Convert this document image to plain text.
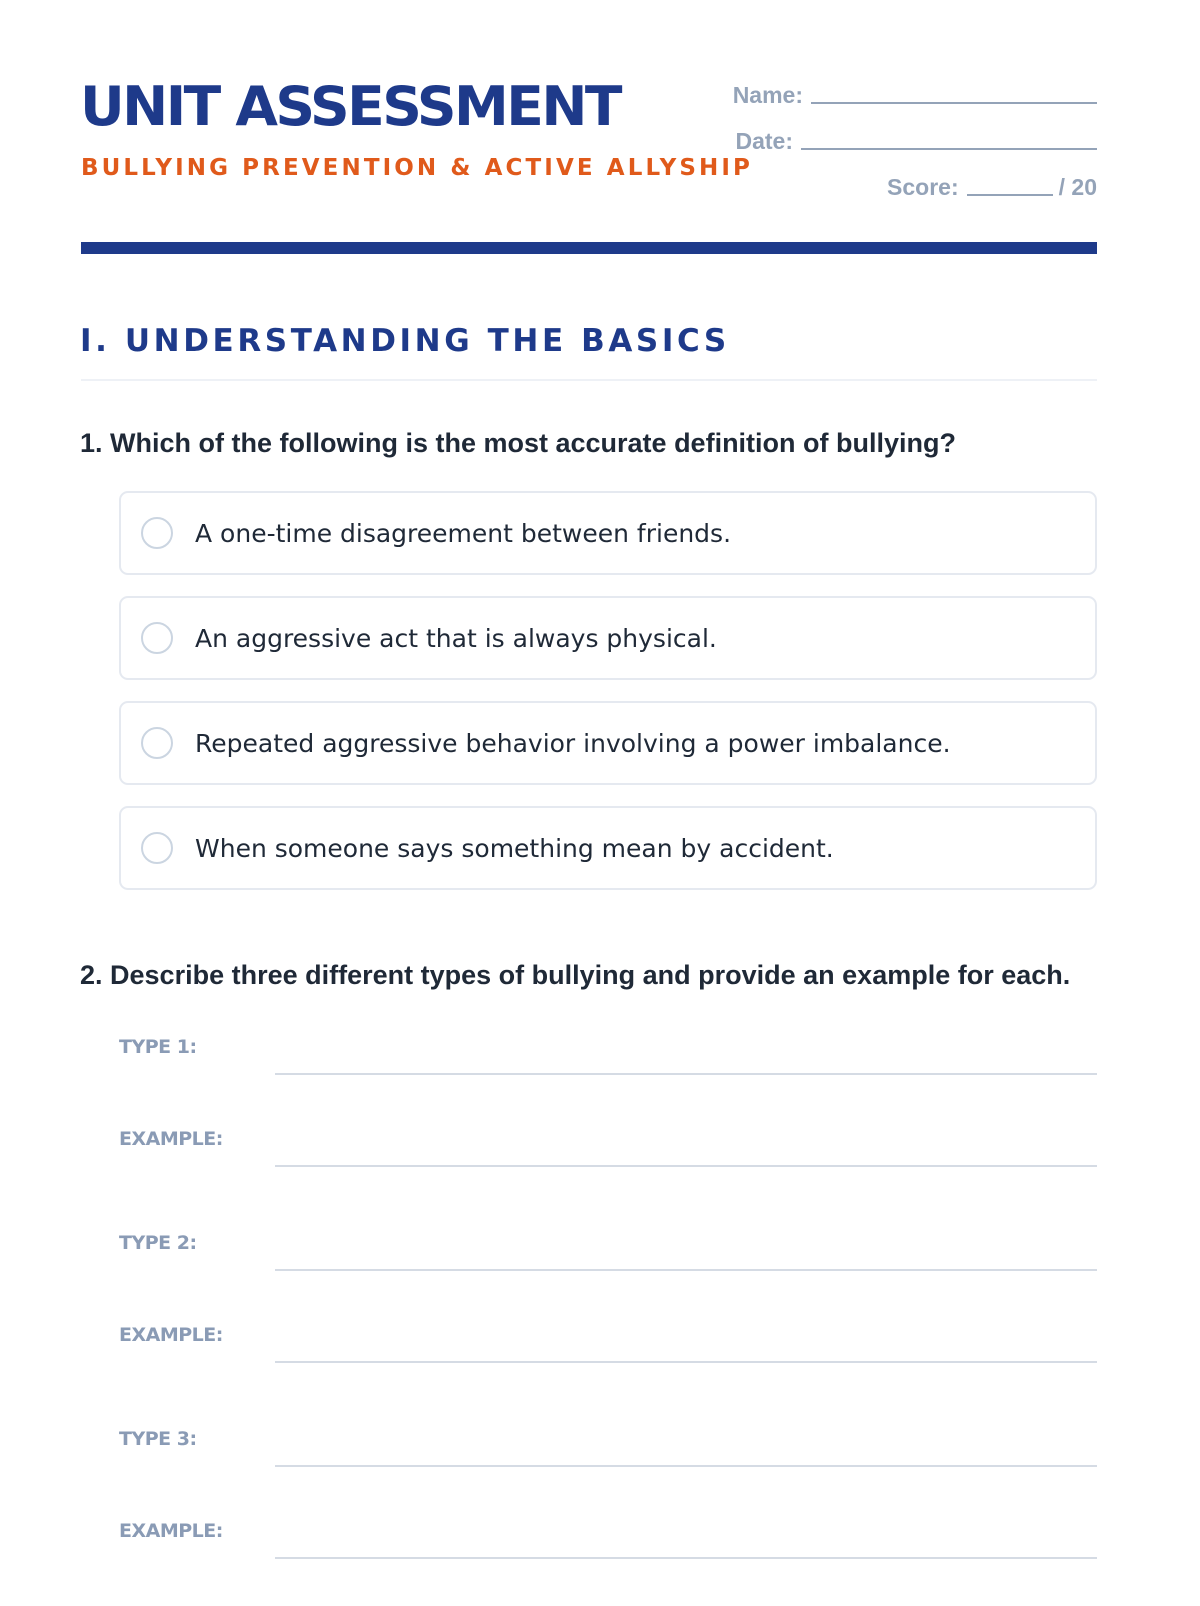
UNIT ASSESSMENT
BULLYING PREVENTION & ACTIVE ALLYSHIP
Name:
Date:
Score:	/ 20
I. UNDERSTANDING THE BASICS
1. Which of the following is the most accurate definition of bullying?
A one-time disagreement between friends.
An aggressive act that is always physical.
Repeated aggressive behavior involving a power imbalance.
When someone says something mean by accident.
2. Describe three different types of bullying and provide an example for each.
TYPE 1:
EXAMPLE:
TYPE 2:
EXAMPLE:
TYPE 3:
EXAMPLE:
